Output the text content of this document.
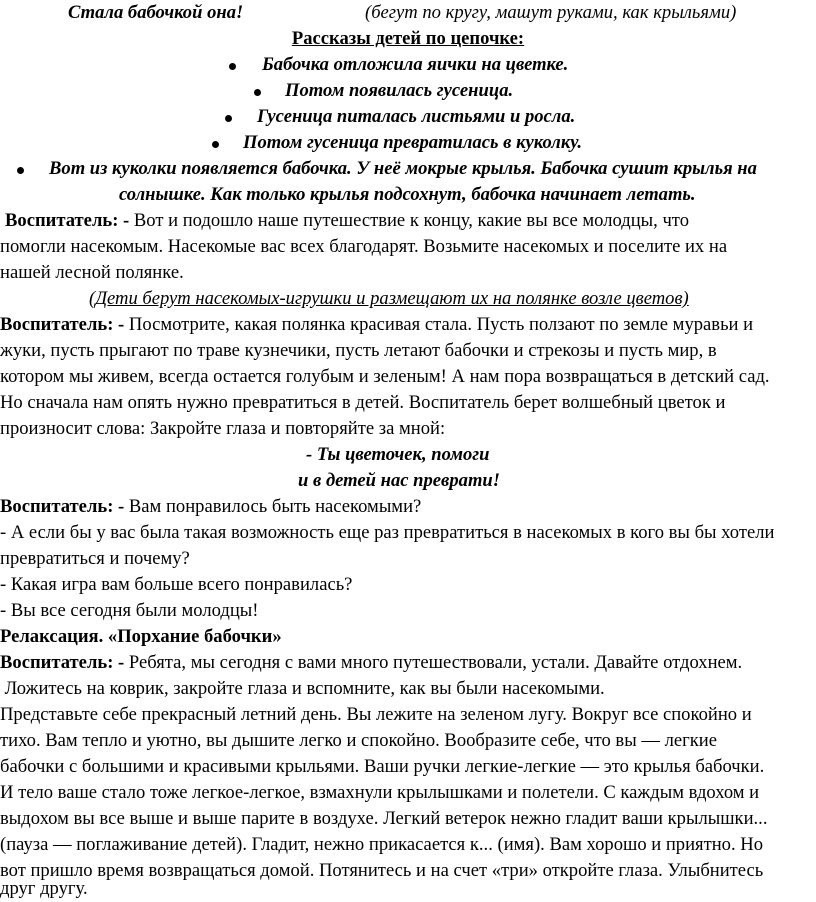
Стала бабочкой она!	(бегут по кругу, машут руками, как крыльями)
Рассказы детей по цепочке:
Бабочка отложила яички на цветке.
Потом появилась гусеница.
Гусеница питалась листьями и росла.
Потом гусеница превратилась в куколку.
Вот из куколки появляется бабочка. У неё мокрые крылья. Бабочка сушит крылья на
солнышке. Как только крылья подсохнут, бабочка начинает летать.
Воспитатель: - Вот и подошло наше путешествие к концу, какие вы все молодцы, что
помогли насекомым. Насекомые вас всех благодарят. Возьмите насекомых и поселите их на
нашей лесной полянке.
(Дети берут насекомых-игрушки и размещают их на полянке возле цветов)
Воспитатель: - Посмотрите, какая полянка красивая стала. Пусть ползают по земле муравьи и
жуки, пусть прыгают по траве кузнечики, пусть летают бабочки и стрекозы и пусть мир, в
котором мы живем, всегда остается голубым и зеленым! А нам пора возвращаться в детский сад.
Но сначала нам опять нужно превратиться в детей. Воспитатель берет волшебный цветок и
произносит слова: Закройте глаза и повторяйте за мной:
- Ты цветочек, помоги
и в детей нас преврати!
Воспитатель: - Вам понравилось быть насекомыми?
- А если бы у вас была такая возможность еще раз превратиться в насекомых в кого вы бы хотели
превратиться и почему?
- Какая игра вам больше всего понравилась?
- Вы все сегодня были молодцы!
Релаксация. «Порхание бабочки»
Воспитатель: - Ребята, мы сегодня с вами много путешествовали, устали. Давайте отдохнем.
Ложитесь на коврик, закройте глаза и вспомните, как вы были насекомыми.
Представьте себе прекрасный летний день. Вы лежите на зеленом лугу. Вокруг все спокойно и
тихо. Вам тепло и уютно, вы дышите легко и спокойно. Вообразите себе, что вы — легкие
бабочки с большими и красивыми крыльями. Ваши ручки легкие-легкие — это крылья бабочки.
И тело ваше стало тоже легкое-легкое, взмахнули крылышками и полетели. С каждым вдохом и
выдохом вы все выше и выше парите в воздухе. Легкий ветерок нежно гладит ваши крылышки...
(пауза — поглаживание детей). Гладит, нежно прикасается к... (имя). Вам хорошо и приятно. Но
вот пришло время возвращаться домой. Потянитесь и на счет «три» откройте глаза. Улыбнитесь
друг другу.
